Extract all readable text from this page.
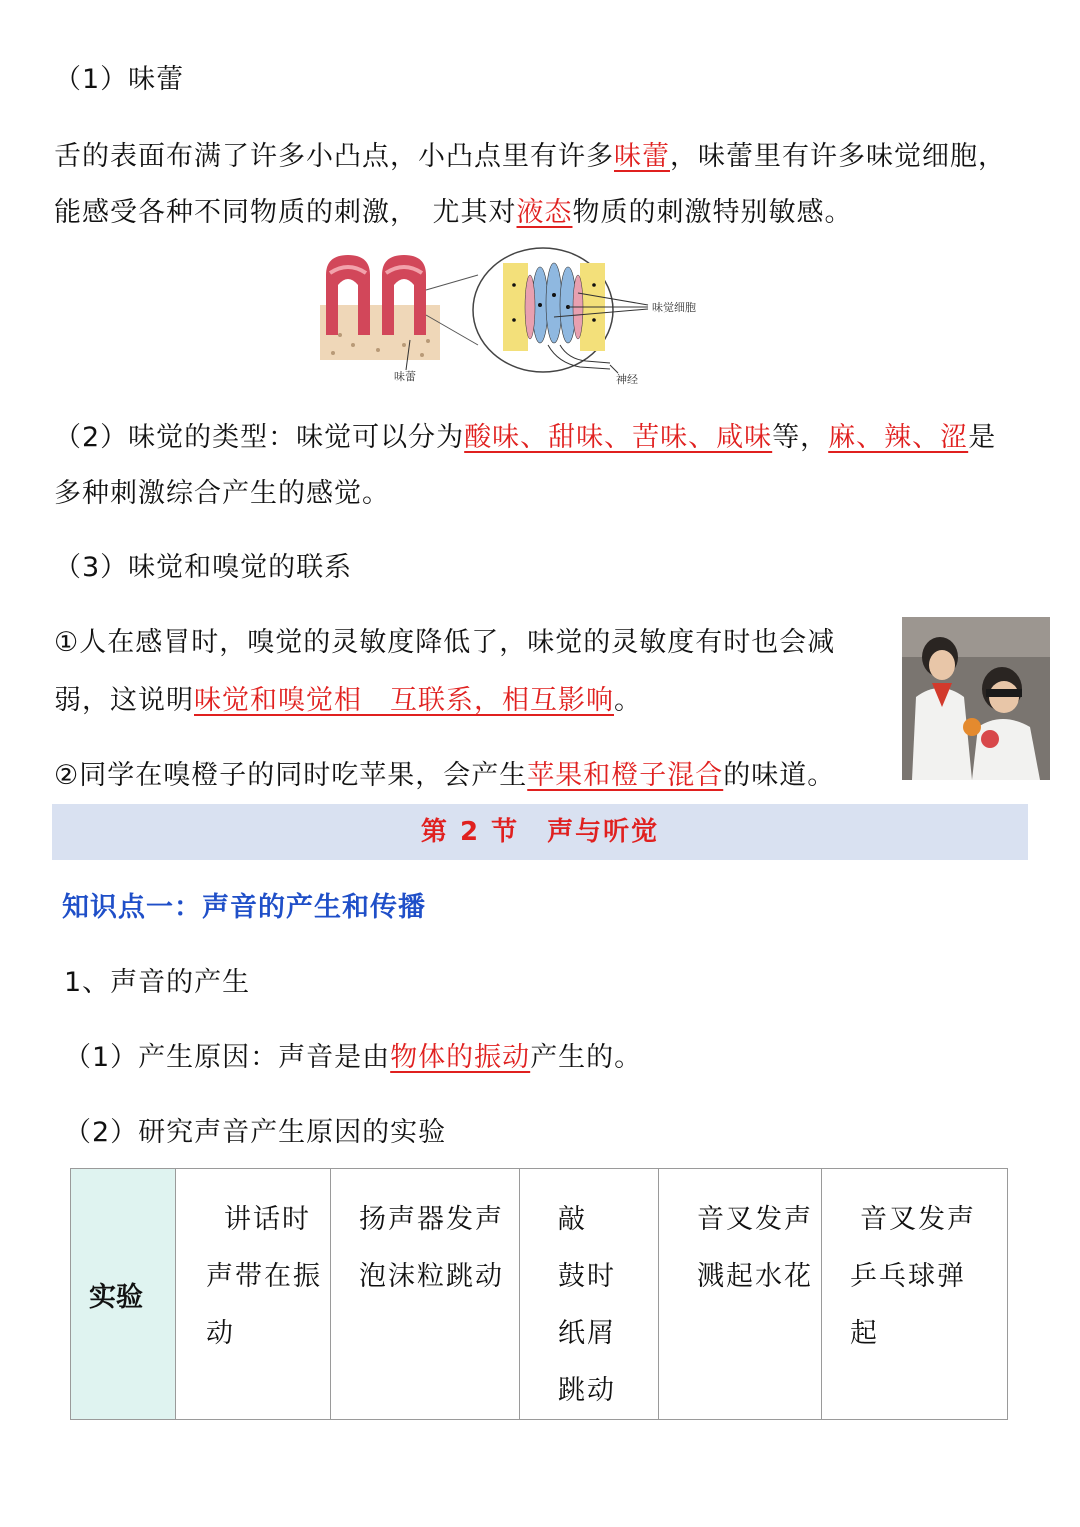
（1）味蕾
舌的表面布满了许多小凸点，小凸点里有许多味蕾，味蕾里有许多味觉细胞，
能感受各种不同物质的刺激，　尤其对液态物质的刺激特别敏感。
味蕾	神经
味觉细胞
（2）味觉的类型：味觉可以分为酸味、甜味、苦味、咸味等，麻、辣、涩是
多种刺激综合产生的感觉。
（3）味觉和嗅觉的联系
①人在感冒时，嗅觉的灵敏度降低了，味觉的灵敏度有时也会减
弱，这说明味觉和嗅觉相　互联系，相互影响。
②同学在嗅橙子的同时吃苹果，会产生苹果和橙子混合的味道。
第 2 节　声与听觉
知识点一：声音的产生和传播
1、声音的产生
（1）产生原因：声音是由物体的振动产生的。
（2）研究声音产生原因的实验
实验

讲话时
声带在振
动

扬声器发声
泡沫粒跳动

敲
鼓时
纸屑
跳动

音叉发声
溅起水花

音叉发声
乒乓球弹
起
